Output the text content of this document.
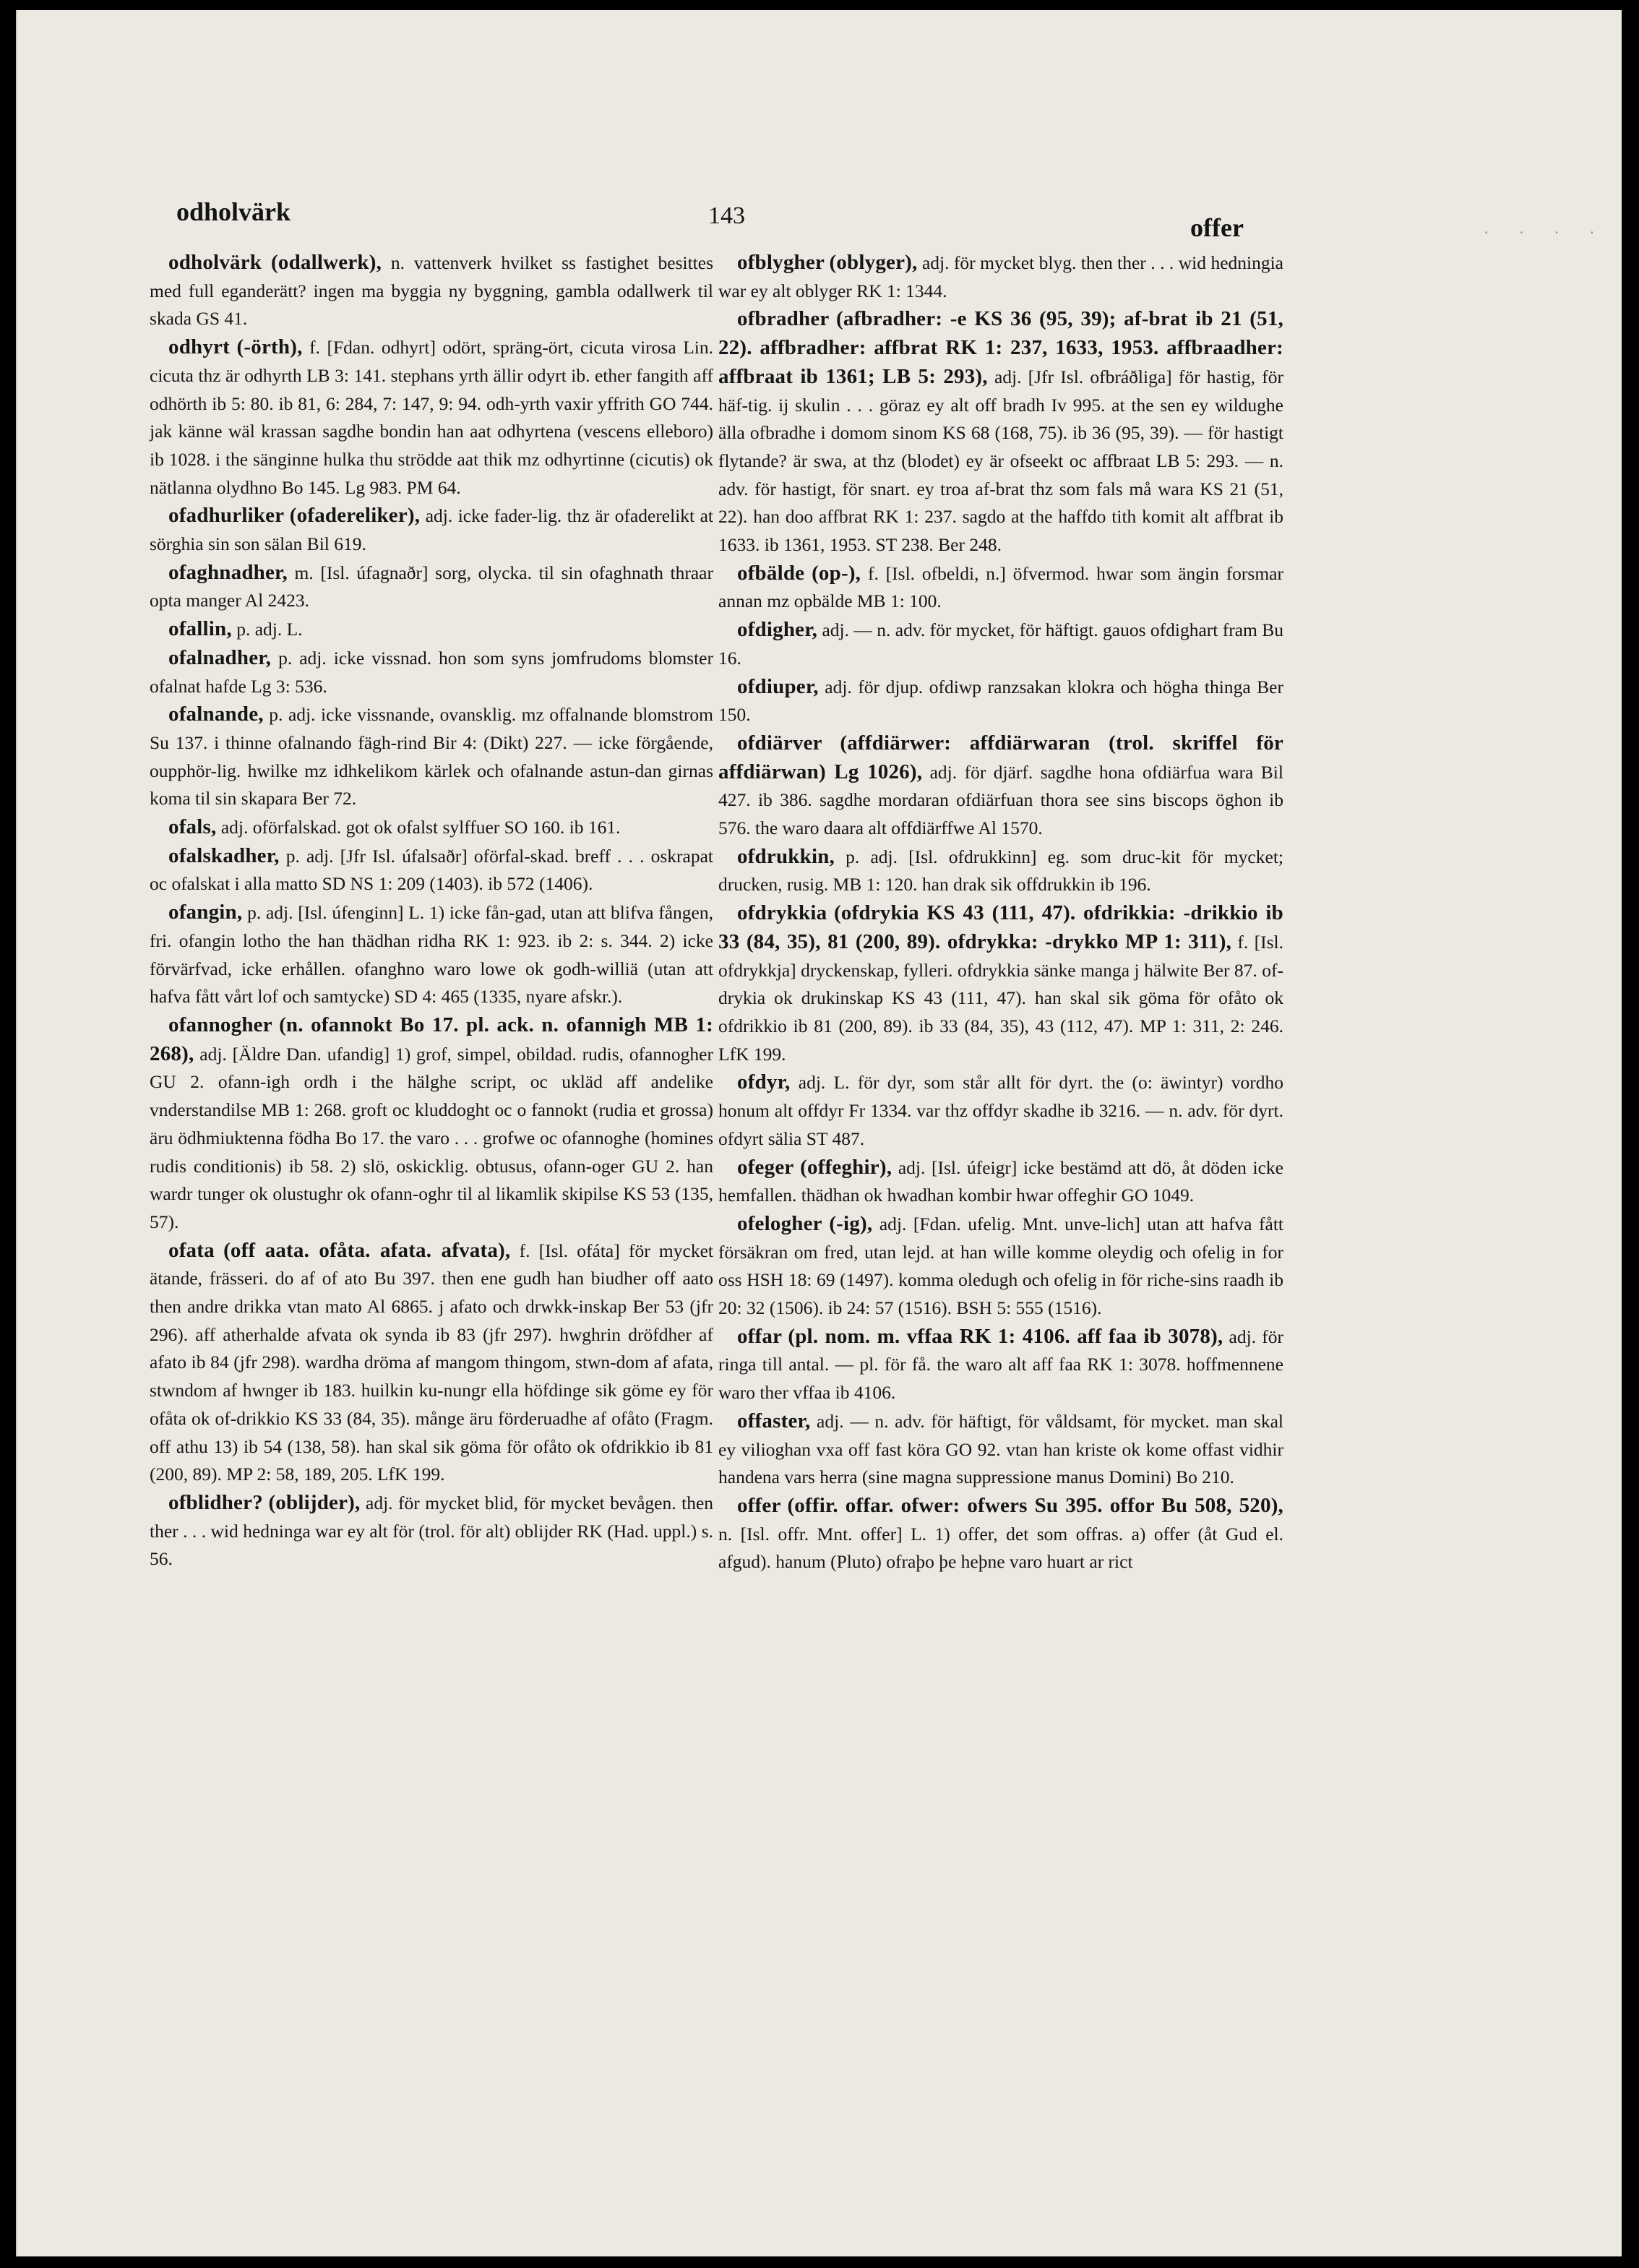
· · · ·
odholvärk	143	offer

odholvärk (odallwerk), n. vattenverk hvilket ss fastighet besittes med full eganderätt? ingen ma byggia ny byggning, gambla odallwerk til skada GS 41.

odhyrt (-örth), f. [Fdan. odhyrt] odört, spräng-ört, cicuta virosa Lin. cicuta thz är odhyrth LB 3: 141. stephans yrth ällir odyrt ib. ether fangith aff odhörth ib 5: 80. ib 81, 6: 284, 7: 147, 9: 94. odh-yrth vaxir yffrith GO 744. jak känne wäl krassan sagdhe bondin han aat odhyrtena (vescens elleboro) ib 1028. i the sänginne hulka thu strödde aat thik mz odhyrtinne (cicutis) ok nätlanna olydhno Bo 145. Lg 983. PM 64.

ofadhurliker (ofadereliker), adj. icke fader-lig. thz är ofaderelikt at sörghia sin son sälan Bil 619.

ofaghnadher, m. [Isl. úfagnaðr] sorg, olycka. til sin ofaghnath thraar opta manger Al 2423.

ofallin, p. adj. L.

ofalnadher, p. adj. icke vissnad. hon som syns jomfrudoms blomster ofalnat hafde Lg 3: 536.

ofalnande, p. adj. icke vissnande, ovansklig. mz offalnande blomstrom Su 137. i thinne ofalnando fägh-rind Bir 4: (Dikt) 227. — icke förgående, oupphör-lig. hwilke mz idhkelikom kärlek och ofalnande astun-dan girnas koma til sin skapara Ber 72.

ofals, adj. oförfalskad. got ok ofalst sylffuer SO 160. ib 161.

ofalskadher, p. adj. [Jfr Isl. úfalsaðr] oförfal-skad. breff . . . oskrapat oc ofalskat i alla matto SD NS 1: 209 (1403). ib 572 (1406).

ofangin, p. adj. [Isl. úfenginn] L. 1) icke fån-gad, utan att blifva fången, fri. ofangin lotho the han thädhan ridha RK 1: 923. ib 2: s. 344. 2) icke förvärfvad, icke erhållen. ofanghno waro lowe ok godh-williä (utan att hafva fått vårt lof och samtycke) SD 4: 465 (1335, nyare afskr.).

ofannogher (n. ofannokt Bo 17. pl. ack. n. ofannigh MB 1: 268), adj. [Äldre Dan. ufandig] 1) grof, simpel, obildad. rudis, ofannogher GU 2. ofann-igh ordh i the hälghe script, oc ukläd aff andelike vnderstandilse MB 1: 268. groft oc kluddoght oc o fannokt (rudia et grossa) äru ödhmiuktenna födha Bo 17. the varo . . . grofwe oc ofannoghe (homines rudis conditionis) ib 58. 2) slö, oskicklig. obtusus, ofann-oger GU 2. han wardr tunger ok olustughr ok ofann-oghr til al likamlik skipilse KS 53 (135, 57).

ofata (off aata. ofåta. afata. afvata), f. [Isl. ofáta] för mycket ätande, frässeri. do af of ato Bu 397. then ene gudh han biudher off aato then andre drikka vtan mato Al 6865. j afato och drwkk-inskap Ber 53 (jfr 296). aff atherhalde afvata ok synda ib 83 (jfr 297). hwghrin dröfdher af afato ib 84 (jfr 298). wardha dröma af mangom thingom, stwn-dom af afata, stwndom af hwnger ib 183. huilkin ku-nungr ella höfdinge sik göme ey för ofåta ok of-drikkio KS 33 (84, 35). månge äru förderuadhe af ofåto (Fragm. off athu 13) ib 54 (138, 58). han skal sik göma för ofåto ok ofdrikkio ib 81 (200, 89). MP 2: 58, 189, 205. LfK 199.

ofblidher? (oblijder), adj. för mycket blid, för mycket bevågen. then ther . . . wid hedninga war ey alt för (trol. för alt) oblijder RK (Had. uppl.) s. 56.

ofblygher (oblyger), adj. för mycket blyg. then ther . . . wid hedningia war ey alt oblyger RK 1: 1344.

ofbradher (afbradher: -e KS 36 (95, 39); af-brat ib 21 (51, 22). affbradher: affbrat RK 1: 237, 1633, 1953. affbraadher: affbraat ib 1361; LB 5: 293), adj. [Jfr Isl. ofbráðliga] för hastig, för häf-tig. ij skulin . . . göraz ey alt off bradh Iv 995. at the sen ey wildughe älla ofbradhe i domom sinom KS 68 (168, 75). ib 36 (95, 39). — för hastigt flytande? är swa, at thz (blodet) ey är ofseekt oc affbraat LB 5: 293. — n. adv. för hastigt, för snart. ey troa af-brat thz som fals må wara KS 21 (51, 22). han doo affbrat RK 1: 237. sagdo at the haffdo tith komit alt affbrat ib 1633. ib 1361, 1953. ST 238. Ber 248.

ofbälde (op-), f. [Isl. ofbeldi, n.] öfvermod. hwar som ängin forsmar annan mz opbälde MB 1: 100.

ofdigher, adj. — n. adv. för mycket, för häftigt. gauos ofdighart fram Bu 16.

ofdiuper, adj. för djup. ofdiwp ranzsakan klokra och högha thinga Ber 150.

ofdiärver (affdiärwer: affdiärwaran (trol. skriffel för affdiärwan) Lg 1026), adj. för djärf. sagdhe hona ofdiärfua wara Bil 427. ib 386. sagdhe mordaran ofdiärfuan thora see sins biscops öghon ib 576. the waro daara alt offdiärffwe Al 1570.

ofdrukkin, p. adj. [Isl. ofdrukkinn] eg. som druc-kit för mycket; drucken, rusig. MB 1: 120. han drak sik offdrukkin ib 196.

ofdrykkia (ofdrykia KS 43 (111, 47). ofdrikkia: -drikkio ib 33 (84, 35), 81 (200, 89). ofdrykka: -drykko MP 1: 311), f. [Isl. ofdrykkja] dryckenskap, fylleri. ofdrykkia sänke manga j hälwite Ber 87. of-drykia ok drukinskap KS 43 (111, 47). han skal sik göma för ofåto ok ofdrikkio ib 81 (200, 89). ib 33 (84, 35), 43 (112, 47). MP 1: 311, 2: 246. LfK 199.

ofdyr, adj. L. för dyr, som står allt för dyrt. the (o: äwintyr) vordho honum alt offdyr Fr 1334. var thz offdyr skadhe ib 3216. — n. adv. för dyrt. ofdyrt sälia ST 487.

ofeger (offeghir), adj. [Isl. úfeigr] icke bestämd att dö, åt döden icke hemfallen. thädhan ok hwadhan kombir hwar offeghir GO 1049.

ofelogher (-ig), adj. [Fdan. ufelig. Mnt. unve-lich] utan att hafva fått försäkran om fred, utan lejd. at han wille komme oleydig och ofelig in for oss HSH 18: 69 (1497). komma oledugh och ofelig in för riche-sins raadh ib 20: 32 (1506). ib 24: 57 (1516). BSH 5: 555 (1516).

offar (pl. nom. m. vffaa RK 1: 4106. aff faa ib 3078), adj. för ringa till antal. — pl. för få. the waro alt aff faa RK 1: 3078. hoffmennene waro ther vffaa ib 4106.

offaster, adj. — n. adv. för häftigt, för våldsamt, för mycket. man skal ey vilioghan vxa off fast köra GO 92. vtan han kriste ok kome offast vidhir handena vars herra (sine magna suppressione manus Domini) Bo 210.

offer (offir. offar. ofwer: ofwers Su 395. offor Bu 508, 520), n. [Isl. offr. Mnt. offer] L. 1) offer, det som offras. a) offer (åt Gud el. afgud). hanum (Pluto) ofraþo þe heþne varo huart ar rict
